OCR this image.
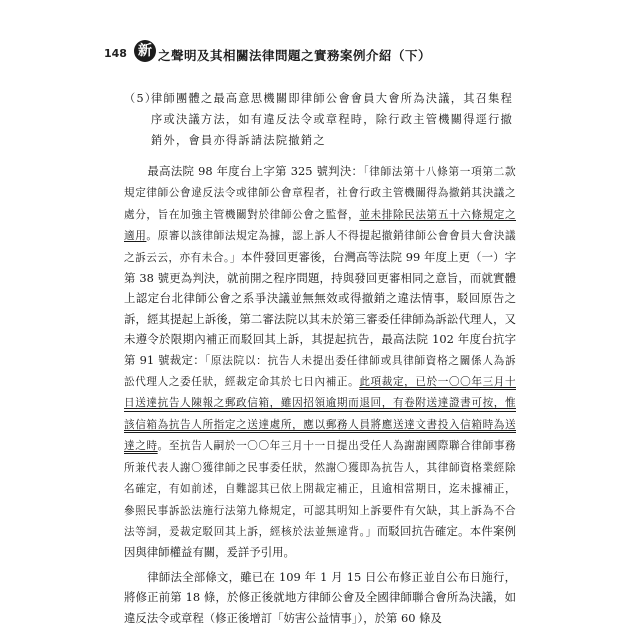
148 新 之聲明及其相關法律問題之實務案例介紹（下）
（5）
律師團體之最高意思機關即律師公會會員大會所為決議，其召集程序或決議方法，如有違反法令或章程時，除行政主管機關得逕行撤銷外，會員亦得訴請法院撤銷之
　　最高法院 98 年度台上字第 325 號判決：「律師法第十八條第一項第二款規定律師公會違反法令或律師公會章程者，社會行政主管機關得為撤銷其決議之處分，旨在加強主管機關對於律師公會之監督，並未排除民法第五十六條規定之適用。原審以該律師法規定為據，認上訴人不得提起撤銷律師公會會員大會決議之訴云云，亦有未合。」本件發回更審後，台灣高等法院 99 年度上更（一）字第 38 號更為判決，就前開之程序問題，持與發回更審相同之意旨，而就實體上認定台北律師公會之系爭決議並無無效或得撤銷之違法情事，駁回原告之訴，經其提起上訴後，第二審法院以其未於第三審委任律師為訴訟代理人，又未遵令於限期內補正而駁回其上訴，其提起抗告，最高法院 102 年度台抗字第 91 號裁定：「原法院以：抗告人未提出委任律師或具律師資格之關係人為訴訟代理人之委任狀，經裁定命其於七日內補正。此項裁定，已於一〇〇年三月十日送達抗告人陳報之郵政信箱，雖因招領逾期而退回，有卷附送達證書可按，惟該信箱為抗告人所指定之送達處所，應以郵務人員將應送達文書投入信箱時為送達之時。至抗告人嗣於一〇〇年三月十一日提出受任人為謝謝國際聯合律師事務所兼代表人謝〇獲律師之民事委任狀，然謝〇獲即為抗告人，其律師資格業經除名確定，有如前述，自難認其已依上開裁定補正，且逾相當期日，迄未據補正，參照民事訴訟法施行法第九條規定，可認其明知上訴要件有欠缺，其上訴為不合法等詞，爰裁定駁回其上訴，經核於法並無違背。」而駁回抗告確定。本件案例因與律師權益有關，爰詳予引用。
　　律師法全部條文，雖已在 109 年 1 月 15 日公布修正並自公布日施行，將修正前第 18 條，於修正後就地方律師公會及全國律師聯合會所為決議，如違反法令或章程（修正後增訂「妨害公益情事」），於第 60 條及
